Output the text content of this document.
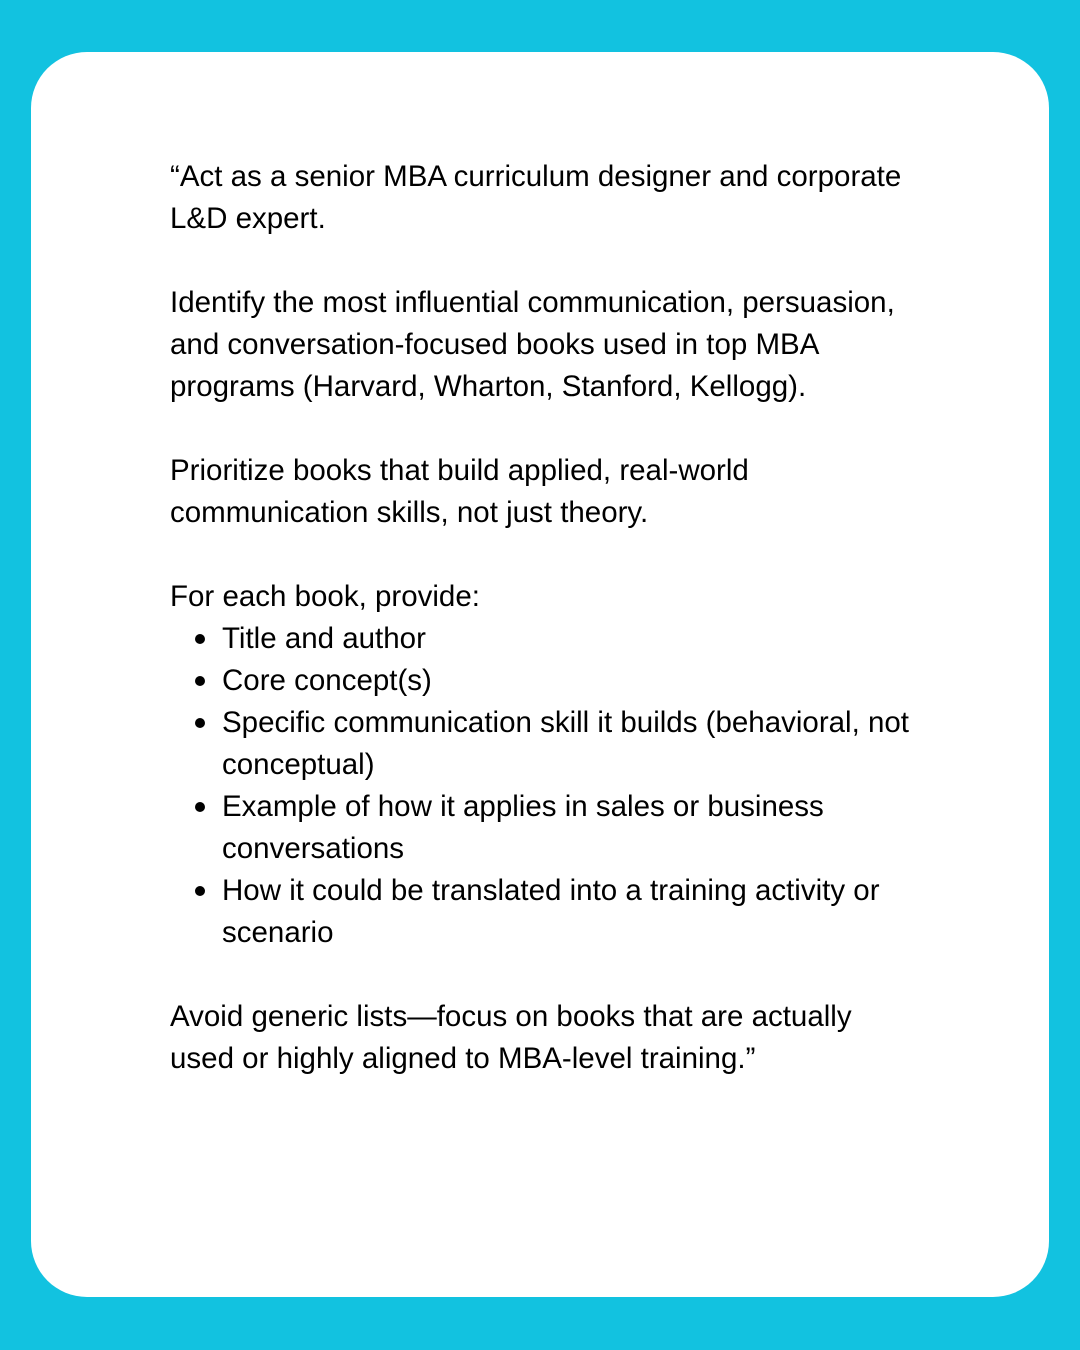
“Act as a senior MBA curriculum designer and corporate L&D expert.

Identify the most influential communication, persuasion, and conversation-focused books used in top MBA programs (Harvard, Wharton, Stanford, Kellogg).

Prioritize books that build applied, real-world communication skills, not just theory.

For each book, provide:

Title and author
Core concept(s)
Specific communication skill it builds (behavioral, not conceptual)
Example of how it applies in sales or business conversations
How it could be translated into a training activity or scenario

Avoid generic lists—focus on books that are actually used or highly aligned to MBA-level training.”
